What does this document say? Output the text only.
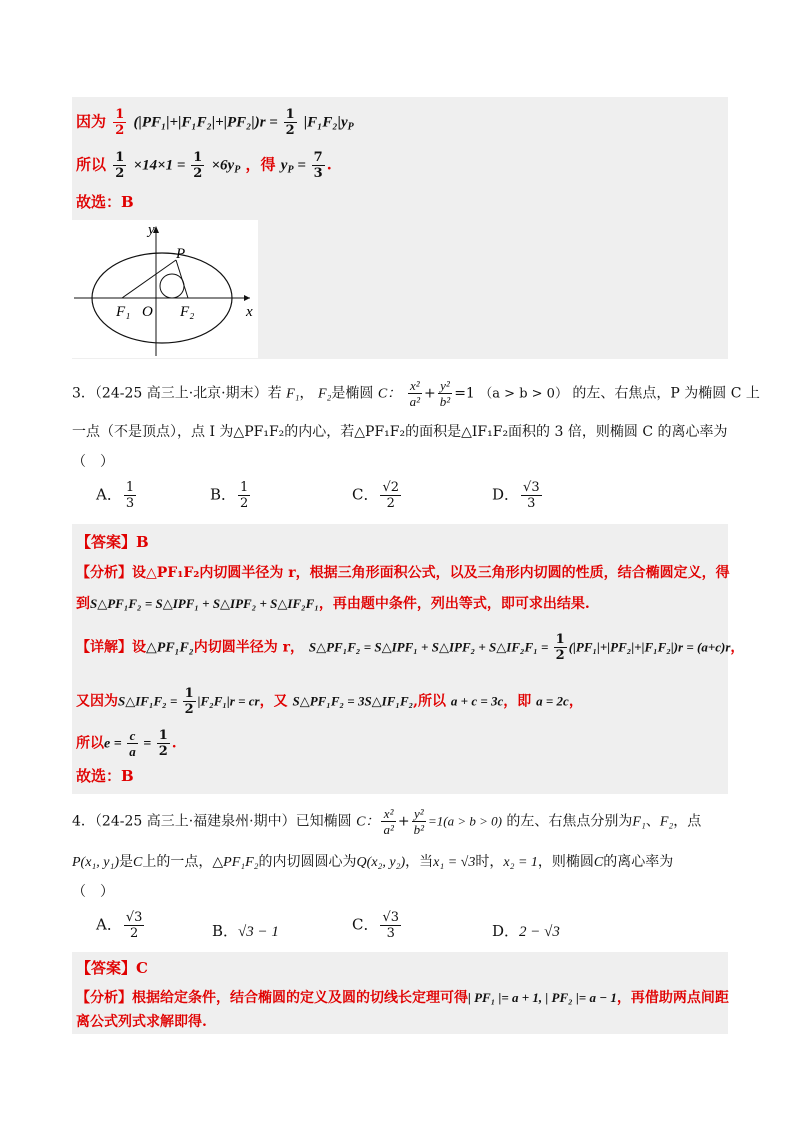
因为 $\frac{1}{2} (|PF_1|+|F_1F_2|+|PF_2|)r = \frac{1}{2} |F_1F_2|y_P$
所以 $\frac{1}{2} \times 14\times 1 = \frac{1}{2} \times 6y_P$ ，得 $y_P = \frac{7}{3}$ .
故选：B
y
x
P
O
F₁	F₂
3．（24-25 高三上·北京·期末）若 F₁， F₂是椭圆 C： $\frac{\text{x²}}{\text{a²}} + \frac{\text{y²}}{\text{b²}} =1$ （a > b > 0） 的左、右焦点，P 为椭圆 C 上
一点（不是顶点），点 I 为△PF₁F₂的内心，若△PF₁F₂的面积是△IF₁F₂面积的 3 倍，则椭圆 C 的离心率为
（　）
A． $\frac{1}{3}$	B． $\frac{1}{2}$	C． $\frac{√2}{2}$	D． $\frac{√3}{3}$
【答案】B
【分析】设△PF₁F₂内切圆半径为 r，根据三角形面积公式，以及三角形内切圆的性质，结合椭圆定义，得
到S△PF₁F₂ = S△IPF₁ + S△IPF₂ + S△IF₂F₁，再由题中条件，列出等式，即可求出结果.
【详解】设△PF₁F₂内切圆半径为 r， S△PF₁F₂ = S△IPF₁ + S△IPF₂ + S△IF₂F₁ = $\frac{1}{2} (|PF_1|+|PF_2|+|F_1F_2|)r = (a+c)r$，
又因为S△IF₁F₂ = $\frac{1}{2} |F_2F_1|r$ = cr，又 S△PF₁F₂ = 3S△IF₁F₂,所以 a + c = 3c，即 a = 2c，
所以$e = \frac{c}{a} = \frac{1}{2}$ .
故选：B
4．（24-25 高三上·福建泉州·期中）已知椭圆 C： $\frac{\text{x²}}{\text{a²}} + \frac{\text{y²}}{\text{b²}} =1(a > b > 0)$ 的左、右焦点分别为F₁、F₂，点
P(x₁, y₁)是C上的一点，△PF₁F₂的内切圆圆心为Q(x₂, y₂)，当x₁ = √3时，x₂ = 1，则椭圆C的离心率为
（　）
A． $\frac{√3}{2}$	B．√3 − 1	C． $\frac{√3}{3}$	D．2 − √3
【答案】C
【分析】根据给定条件，结合椭圆的定义及圆的切线长定理可得| PF₁ |= a + 1, | PF₂ |= a − 1，再借助两点间距
离公式列式求解即得.
